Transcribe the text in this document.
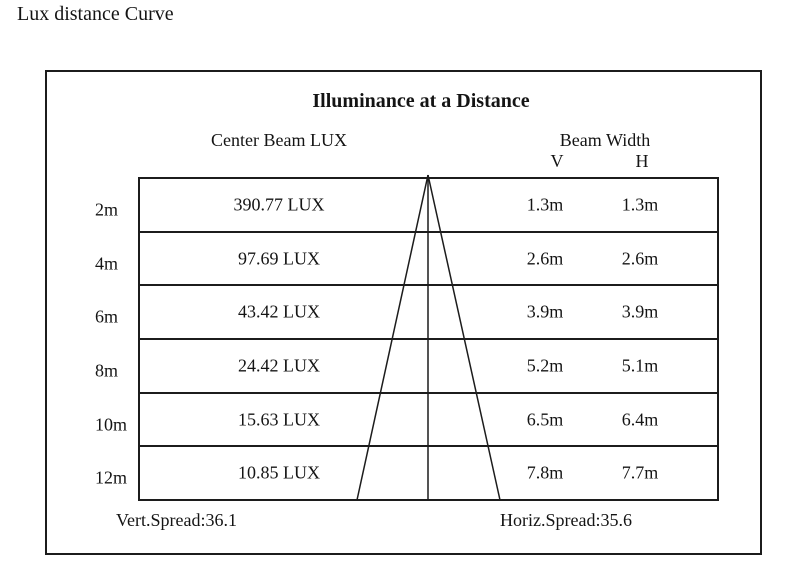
Lux distance Curve
Illuminance at a Distance
Center Beam LUX	Beam Width
V	H
2m	390.77 LUX	1.3m	1.3m
4m	97.69 LUX	2.6m	2.6m
6m	43.42 LUX	3.9m	3.9m
8m	24.42 LUX	5.2m	5.1m
10m	15.63 LUX	6.5m	6.4m
12m	10.85 LUX	7.8m	7.7m
Vert.Spread:36.1	Horiz.Spread:35.6
